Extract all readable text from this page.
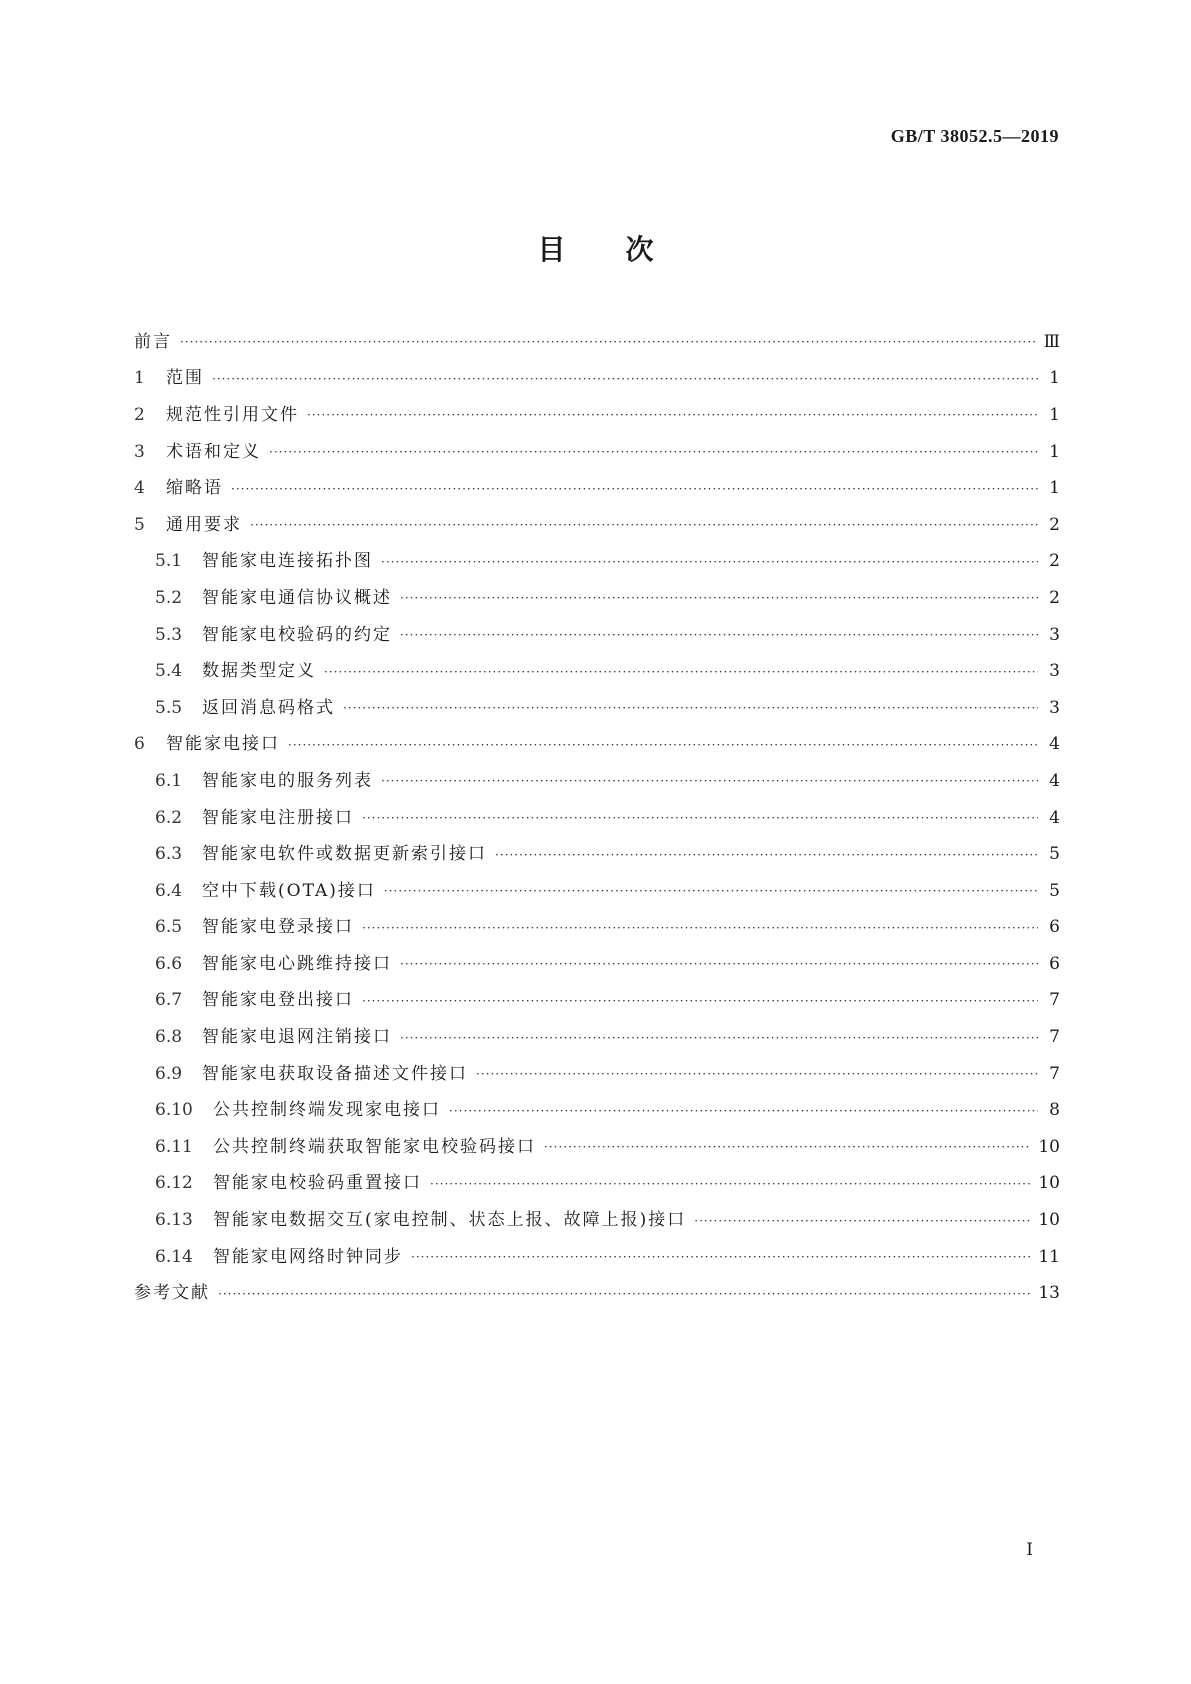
GB/T 38052.5—2019
目次
前言 ·····	Ⅲ
1	范围 ·····	1
2	规范性引用文件 ·····	1
3	术语和定义 ·····	1
4	缩略语 ·····	1
5	通用要求 ·····	2
5.1	智能家电连接拓扑图 ·····	2
5.2	智能家电通信协议概述 ·····	2
5.3	智能家电校验码的约定 ·····	3
5.4	数据类型定义 ·····	3
5.5	返回消息码格式 ·····	3
6	智能家电接口 ·····	4
6.1	智能家电的服务列表 ·····	4
6.2	智能家电注册接口 ·····	4
6.3	智能家电软件或数据更新索引接口 ·····	5
6.4	空中下载(OTA)接口 ·····	5
6.5	智能家电登录接口 ·····	6
6.6	智能家电心跳维持接口 ·····	6
6.7	智能家电登出接口 ·····	7
6.8	智能家电退网注销接口 ·····	7
6.9	智能家电获取设备描述文件接口 ·····	7
6.10	公共控制终端发现家电接口 ·····	8
6.11	公共控制终端获取智能家电校验码接口 ·····	10
6.12	智能家电校验码重置接口 ·····	10
6.13	智能家电数据交互(家电控制、状态上报、故障上报)接口 ·····	10
6.14	智能家电网络时钟同步 ·····	11
参考文献 ·····	13
I
